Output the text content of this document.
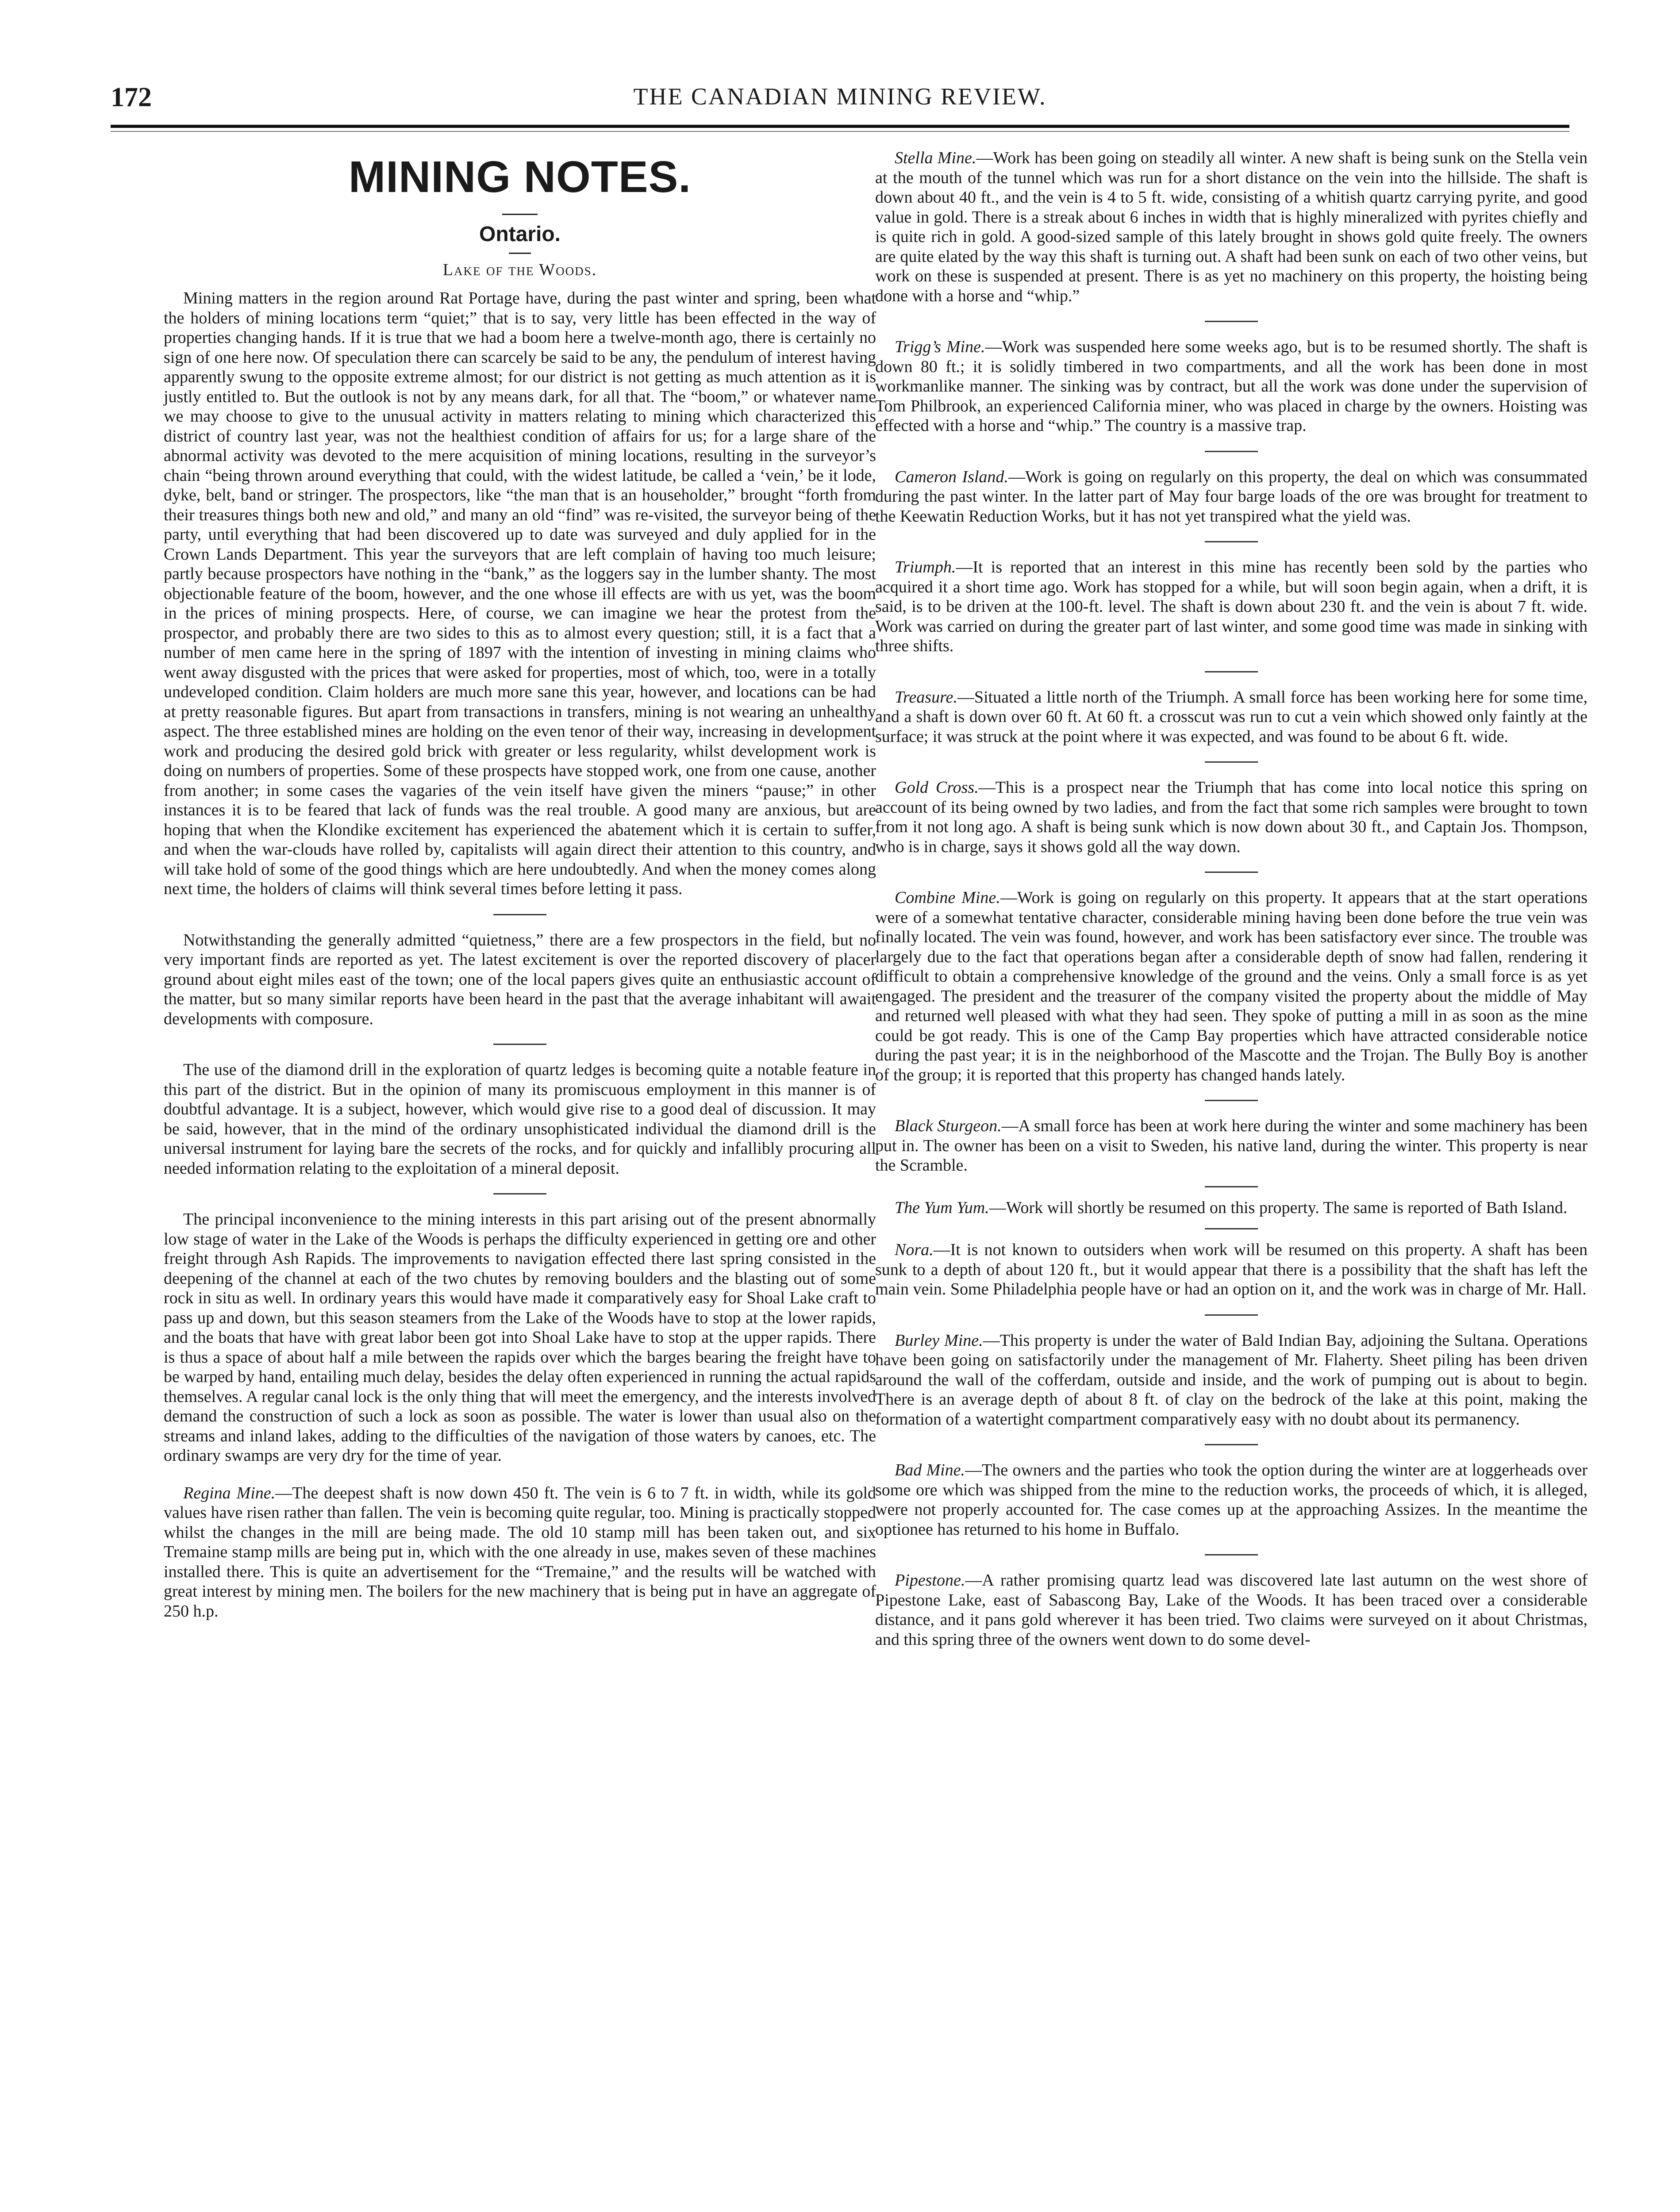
172	THE CANADIAN MINING REVIEW.
MINING NOTES.
Ontario.
Lake of the Woods.

Mining matters in the region around Rat Portage have, during the past winter and spring, been what the holders of mining locations term “quiet;” that is to say, very little has been effected in the way of properties changing hands. If it is true that we had a boom here a twelve-month ago, there is certainly no sign of one here now. Of speculation there can scarcely be said to be any, the pendulum of interest having apparently swung to the opposite extreme almost; for our district is not getting as much attention as it is justly entitled to. But the outlook is not by any means dark, for all that. The “boom,” or whatever name we may choose to give to the unusual activity in matters relating to mining which characterized this district of country last year, was not the healthiest condition of affairs for us; for a large share of the abnormal activity was devoted to the mere acquisition of mining locations, resulting in the surveyor’s chain “being thrown around everything that could, with the widest latitude, be called a ‘vein,’ be it lode, dyke, belt, band or stringer. The prospectors, like “the man that is an householder,” brought “forth from their treasures things both new and old,” and many an old “find” was re-visited, the surveyor being of the party, until everything that had been discovered up to date was surveyed and duly applied for in the Crown Lands Department. This year the surveyors that are left complain of having too much leisure; partly because prospectors have nothing in the “bank,” as the loggers say in the lumber shanty. The most objectionable feature of the boom, however, and the one whose ill effects are with us yet, was the boom in the prices of mining prospects. Here, of course, we can imagine we hear the protest from the prospector, and probably there are two sides to this as to almost every question; still, it is a fact that a number of men came here in the spring of 1897 with the intention of investing in mining claims who went away disgusted with the prices that were asked for properties, most of which, too, were in a totally undeveloped condition. Claim holders are much more sane this year, however, and locations can be had at pretty reasonable figures. But apart from transactions in transfers, mining is not wearing an unhealthy aspect. The three established mines are holding on the even tenor of their way, increasing in development work and producing the desired gold brick with greater or less regularity, whilst development work is doing on numbers of properties. Some of these prospects have stopped work, one from one cause, another from another; in some cases the vagaries of the vein itself have given the miners “pause;” in other instances it is to be feared that lack of funds was the real trouble. A good many are anxious, but are hoping that when the Klondike excitement has experienced the abatement which it is certain to suffer, and when the war-clouds have rolled by, capitalists will again direct their attention to this country, and will take hold of some of the good things which are here undoubtedly. And when the money comes along next time, the holders of claims will think several times before letting it pass.

Notwithstanding the generally admitted “quietness,” there are a few prospectors in the field, but no very important finds are reported as yet. The latest excitement is over the reported discovery of placer ground about eight miles east of the town; one of the local papers gives quite an enthusiastic account of the matter, but so many similar reports have been heard in the past that the average inhabitant will await developments with composure.

The use of the diamond drill in the exploration of quartz ledges is becoming quite a notable feature in this part of the district. But in the opinion of many its promiscuous employment in this manner is of doubtful advantage. It is a subject, however, which would give rise to a good deal of discussion. It may be said, however, that in the mind of the ordinary unsophisticated individual the diamond drill is the universal instrument for laying bare the secrets of the rocks, and for quickly and infallibly procuring all needed information relating to the exploitation of a mineral deposit.

The principal inconvenience to the mining interests in this part arising out of the present abnormally low stage of water in the Lake of the Woods is perhaps the difficulty experienced in getting ore and other freight through Ash Rapids. The improvements to navigation effected there last spring consisted in the deepening of the channel at each of the two chutes by removing boulders and the blasting out of some rock in situ as well. In ordinary years this would have made it comparatively easy for Shoal Lake craft to pass up and down, but this season steamers from the Lake of the Woods have to stop at the lower rapids, and the boats that have with great labor been got into Shoal Lake have to stop at the upper rapids. There is thus a space of about half a mile between the rapids over which the barges bearing the freight have to be warped by hand, entailing much delay, besides the delay often experienced in running the actual rapids themselves. A regular canal lock is the only thing that will meet the emergency, and the interests involved demand the construction of such a lock as soon as possible. The water is lower than usual also on the streams and inland lakes, adding to the difficulties of the navigation of those waters by canoes, etc. The ordinary swamps are very dry for the time of year.

Regina Mine.—The deepest shaft is now down 450 ft. The vein is 6 to 7 ft. in width, while its gold values have risen rather than fallen. The vein is becoming quite regular, too. Mining is practically stopped whilst the changes in the mill are being made. The old 10 stamp mill has been taken out, and six Tremaine stamp mills are being put in, which with the one already in use, makes seven of these machines installed there. This is quite an advertisement for the “Tremaine,” and the results will be watched with great interest by mining men. The boilers for the new machinery that is being put in have an aggregate of 250 h.p.

Stella Mine.—Work has been going on steadily all winter. A new shaft is being sunk on the Stella vein at the mouth of the tunnel which was run for a short distance on the vein into the hillside. The shaft is down about 40 ft., and the vein is 4 to 5 ft. wide, consisting of a whitish quartz carrying pyrite, and good value in gold. There is a streak about 6 inches in width that is highly mineralized with pyrites chiefly and is quite rich in gold. A good-sized sample of this lately brought in shows gold quite freely. The owners are quite elated by the way this shaft is turning out. A shaft had been sunk on each of two other veins, but work on these is suspended at present. There is as yet no machinery on this property, the hoisting being done with a horse and “whip.”

Trigg’s Mine.—Work was suspended here some weeks ago, but is to be resumed shortly. The shaft is down 80 ft.; it is solidly timbered in two compartments, and all the work has been done in most workmanlike manner. The sinking was by contract, but all the work was done under the supervision of Tom Philbrook, an experienced California miner, who was placed in charge by the owners. Hoisting was effected with a horse and “whip.” The country is a massive trap.

Cameron Island.—Work is going on regularly on this property, the deal on which was consummated during the past winter. In the latter part of May four barge loads of the ore was brought for treatment to the Keewatin Reduction Works, but it has not yet transpired what the yield was.

Triumph.—It is reported that an interest in this mine has recently been sold by the parties who acquired it a short time ago. Work has stopped for a while, but will soon begin again, when a drift, it is said, is to be driven at the 100-ft. level. The shaft is down about 230 ft. and the vein is about 7 ft. wide. Work was carried on during the greater part of last winter, and some good time was made in sinking with three shifts.

Treasure.—Situated a little north of the Triumph. A small force has been working here for some time, and a shaft is down over 60 ft. At 60 ft. a crosscut was run to cut a vein which showed only faintly at the surface; it was struck at the point where it was expected, and was found to be about 6 ft. wide.

Gold Cross.—This is a prospect near the Triumph that has come into local notice this spring on account of its being owned by two ladies, and from the fact that some rich samples were brought to town from it not long ago. A shaft is being sunk which is now down about 30 ft., and Captain Jos. Thompson, who is in charge, says it shows gold all the way down.

Combine Mine.—Work is going on regularly on this property. It appears that at the start operations were of a somewhat tentative character, considerable mining having been done before the true vein was finally located. The vein was found, however, and work has been satisfactory ever since. The trouble was largely due to the fact that operations began after a considerable depth of snow had fallen, rendering it difficult to obtain a comprehensive knowledge of the ground and the veins. Only a small force is as yet engaged. The president and the treasurer of the company visited the property about the middle of May and returned well pleased with what they had seen. They spoke of putting a mill in as soon as the mine could be got ready. This is one of the Camp Bay properties which have attracted considerable notice during the past year; it is in the neighborhood of the Mascotte and the Trojan. The Bully Boy is another of the group; it is reported that this property has changed hands lately.

Black Sturgeon.—A small force has been at work here during the winter and some machinery has been put in. The owner has been on a visit to Sweden, his native land, during the winter. This property is near the Scramble.

The Yum Yum.—Work will shortly be resumed on this property. The same is reported of Bath Island.

Nora.—It is not known to outsiders when work will be resumed on this property. A shaft has been sunk to a depth of about 120 ft., but it would appear that there is a possibility that the shaft has left the main vein. Some Philadelphia people have or had an option on it, and the work was in charge of Mr. Hall.

Burley Mine.—This property is under the water of Bald Indian Bay, adjoining the Sultana. Operations have been going on satisfactorily under the management of Mr. Flaherty. Sheet piling has been driven around the wall of the cofferdam, outside and inside, and the work of pumping out is about to begin. There is an average depth of about 8 ft. of clay on the bedrock of the lake at this point, making the formation of a watertight compartment comparatively easy with no doubt about its permanency.

Bad Mine.—The owners and the parties who took the option during the winter are at loggerheads over some ore which was shipped from the mine to the reduction works, the proceeds of which, it is alleged, were not properly accounted for. The case comes up at the approaching Assizes. In the meantime the optionee has returned to his home in Buffalo.

Pipestone.—A rather promising quartz lead was discovered late last autumn on the west shore of Pipestone Lake, east of Sabascong Bay, Lake of the Woods. It has been traced over a considerable distance, and it pans gold wherever it has been tried. Two claims were surveyed on it about Christmas, and this spring three of the owners went down to do some devel-
